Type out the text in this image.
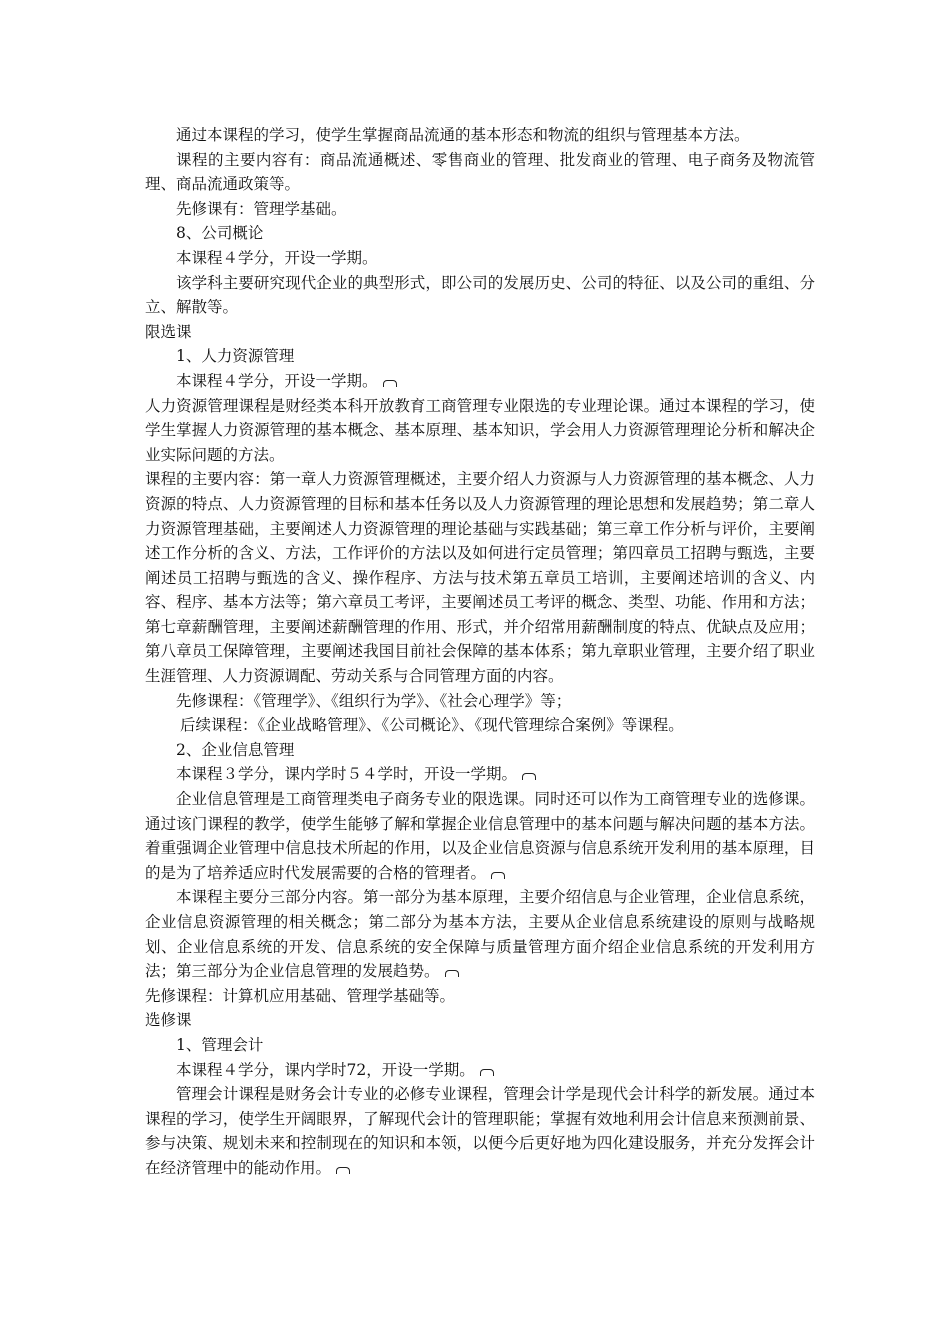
通过本课程的学习，使学生掌握商品流通的基本形态和物流的组织与管理基本方法。

课程的主要内容有：商品流通概述、零售商业的管理、批发商业的管理、电子商务及物流管理、商品流通政策等。

先修课有：管理学基础。

8、公司概论

本课程４学分，开设一学期。

该学科主要研究现代企业的典型形式，即公司的发展历史、公司的特征、以及公司的重组、分立、解散等。

限选课

1、人力资源管理

本课程４学分，开设一学期。

人力资源管理课程是财经类本科开放教育工商管理专业限选的专业理论课。通过本课程的学习，使学生掌握人力资源管理的基本概念、基本原理、基本知识，学会用人力资源管理理论分析和解决企业实际问题的方法。

课程的主要内容：第一章人力资源管理概述，主要介绍人力资源与人力资源管理的基本概念、人力资源的特点、人力资源管理的目标和基本任务以及人力资源管理的理论思想和发展趋势；第二章人力资源管理基础，主要阐述人力资源管理的理论基础与实践基础；第三章工作分析与评价，主要阐述工作分析的含义、方法，工作评价的方法以及如何进行定员管理；第四章员工招聘与甄选，主要阐述员工招聘与甄选的含义、操作程序、方法与技术第五章员工培训，主要阐述培训的含义、内容、程序、基本方法等；第六章员工考评，主要阐述员工考评的概念、类型、功能、作用和方法；第七章薪酬管理，主要阐述薪酬管理的作用、形式，并介绍常用薪酬制度的特点、优缺点及应用；第八章员工保障管理，主要阐述我国目前社会保障的基本体系；第九章职业管理，主要介绍了职业生涯管理、人力资源调配、劳动关系与合同管理方面的内容。

先修课程：《管理学》、《组织行为学》、《社会心理学》等；

后续课程：《企业战略管理》、《公司概论》、《现代管理综合案例》等课程。

2、企业信息管理

本课程３学分，课内学时５４学时，开设一学期。

企业信息管理是工商管理类电子商务专业的限选课。同时还可以作为工商管理专业的选修课。通过该门课程的教学，使学生能够了解和掌握企业信息管理中的基本问题与解决问题的基本方法。着重强调企业管理中信息技术所起的作用，以及企业信息资源与信息系统开发利用的基本原理，目的是为了培养适应时代发展需要的合格的管理者。

本课程主要分三部分内容。第一部分为基本原理，主要介绍信息与企业管理，企业信息系统，企业信息资源管理的相关概念；第二部分为基本方法，主要从企业信息系统建设的原则与战略规划、企业信息系统的开发、信息系统的安全保障与质量管理方面介绍企业信息系统的开发利用方法；第三部分为企业信息管理的发展趋势。

先修课程：计算机应用基础、管理学基础等。

选修课

1、管理会计

本课程４学分，课内学时72，开设一学期。

管理会计课程是财务会计专业的必修专业课程，管理会计学是现代会计科学的新发展。通过本课程的学习，使学生开阔眼界，了解现代会计的管理职能；掌握有效地利用会计信息来预测前景、参与决策、规划未来和控制现在的知识和本领，以便今后更好地为四化建设服务，并充分发挥会计在经济管理中的能动作用。
